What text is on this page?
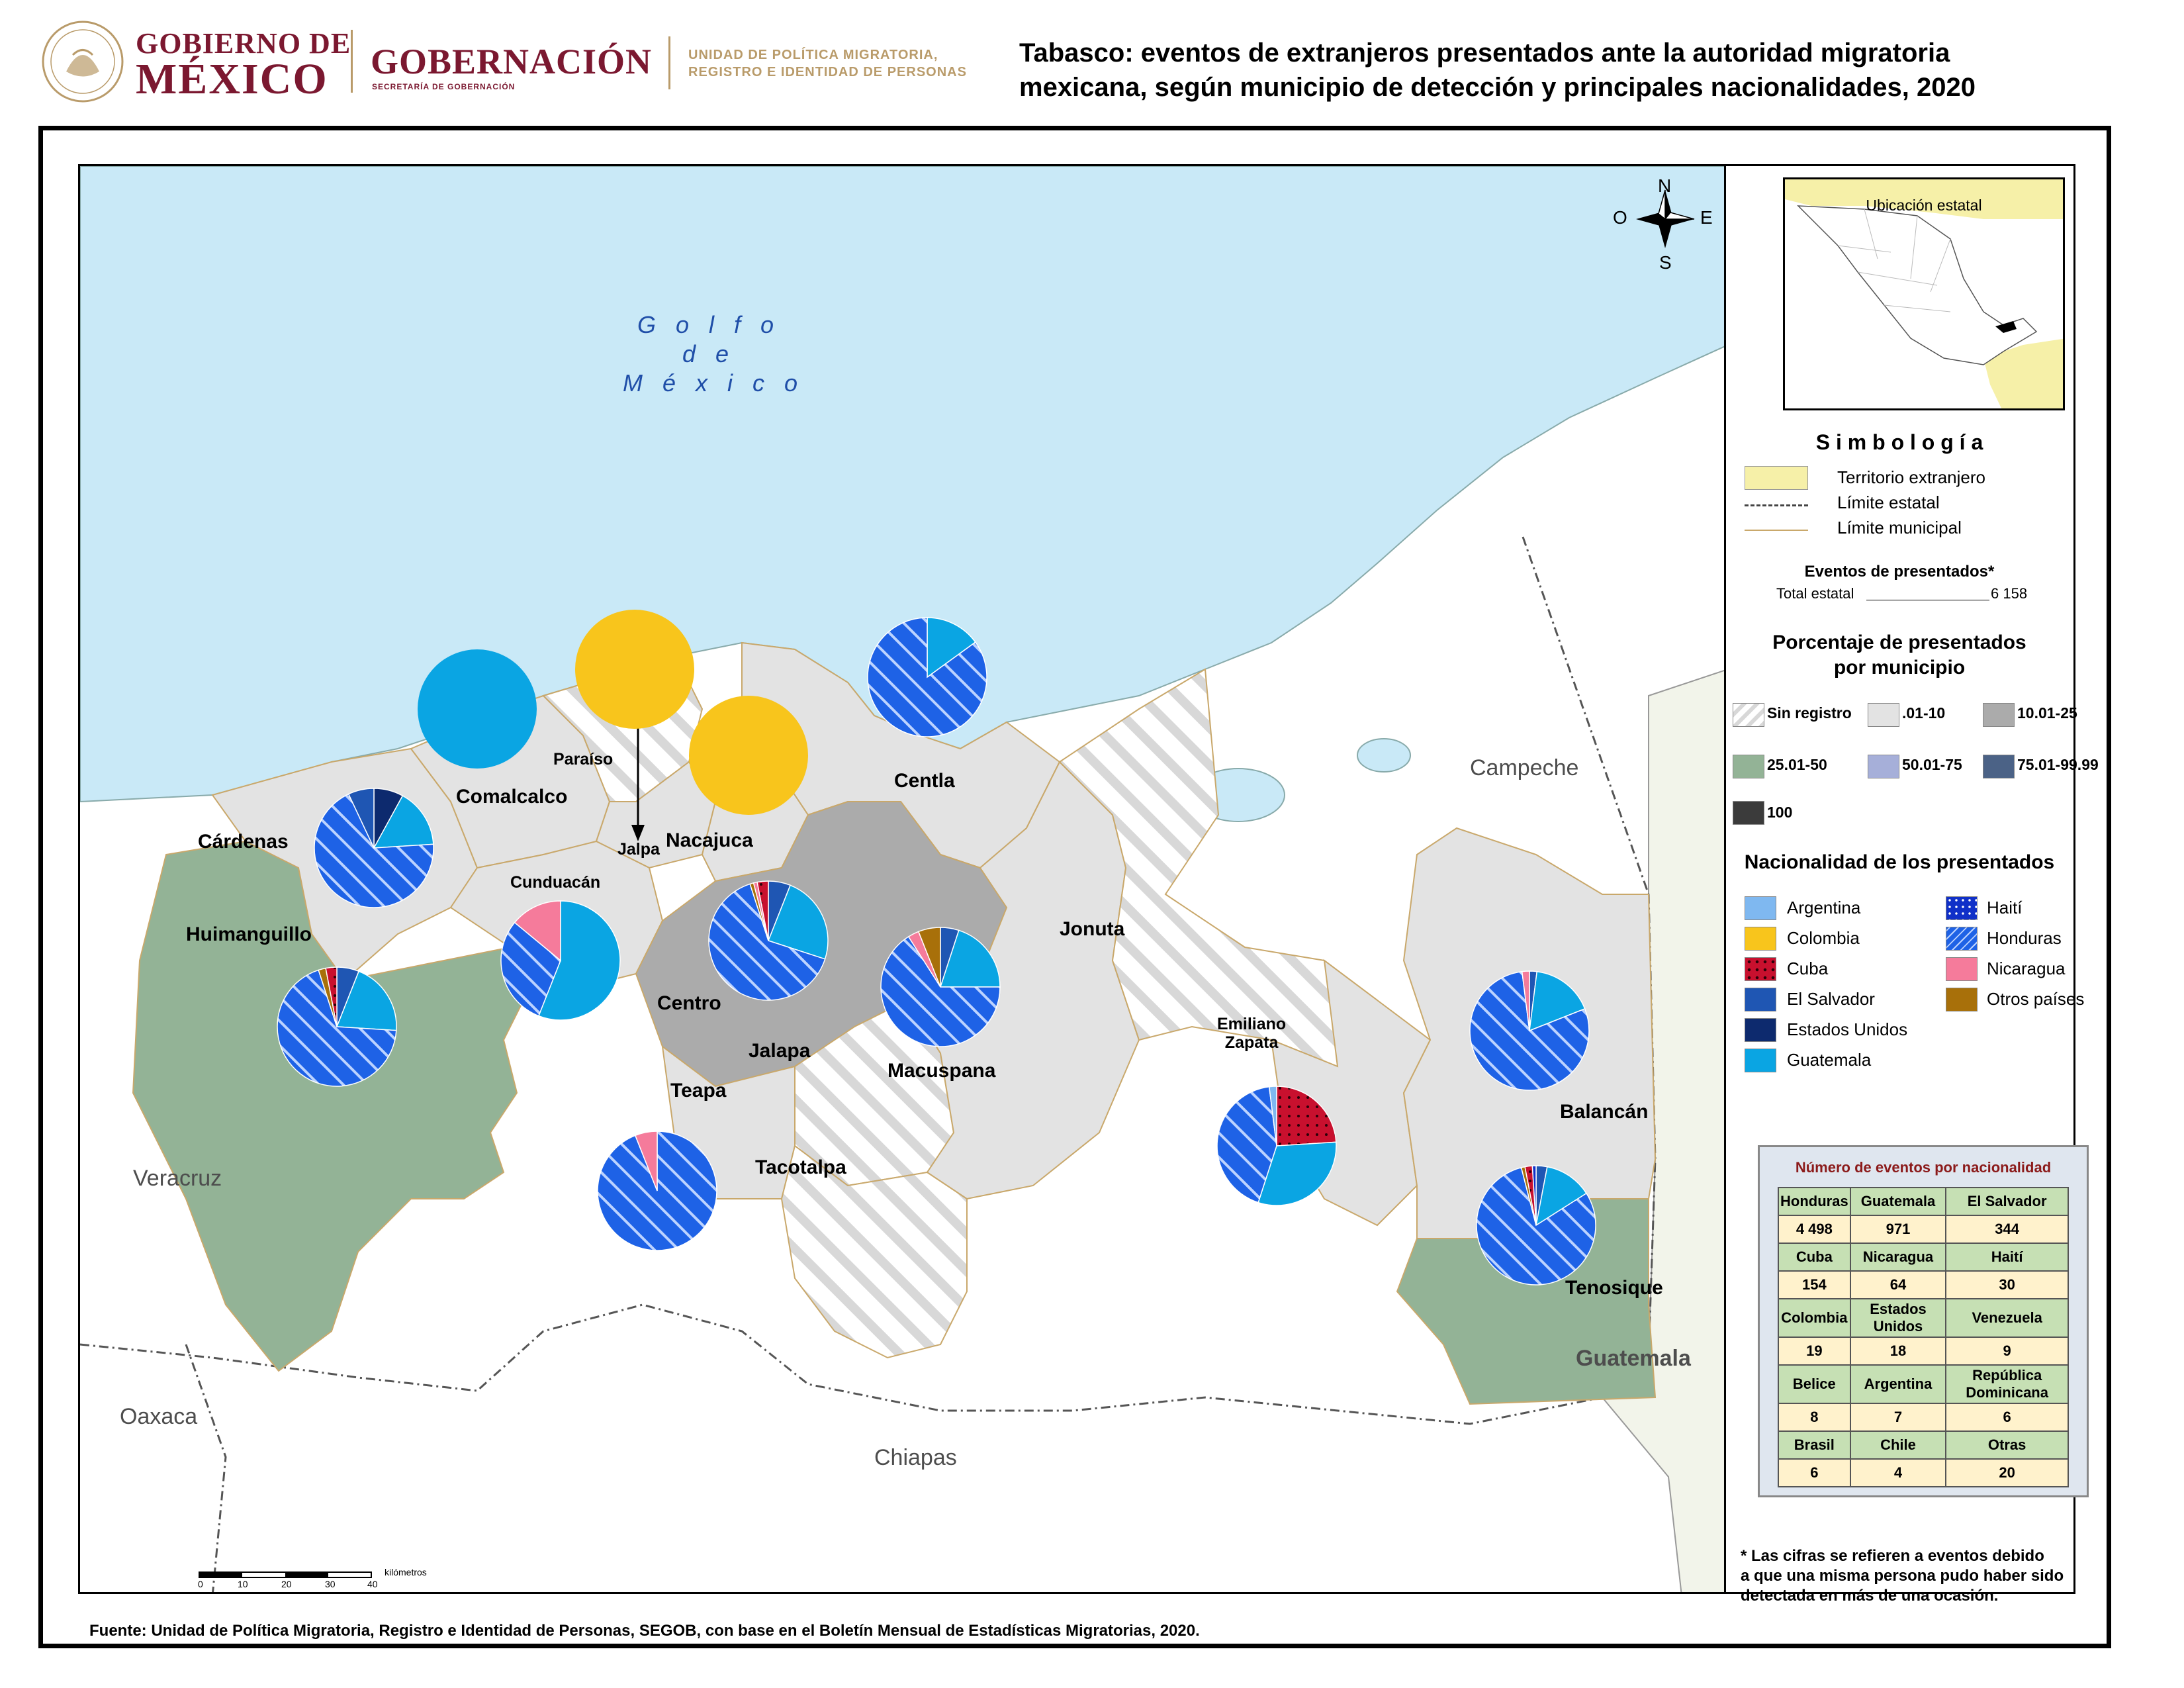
GOBIERNO DE
MÉXICO GOBERNACIÓN
SECRETARÍA DE GOBERNACIÓN
UNIDAD DE POLÍTICA MIGRATORIA,
REGISTRO E IDENTIDAD DE PERSONAS
Tabasco: eventos de extranjeros presentados ante la autoridad migratoria
mexicana, según municipio de detección y principales nacionalidades, 2020
G o l f o
d e
M é x i c o
N
S
E
O
Campeche
Veracruz
Oaxaca
Chiapas
Guatemala
Paraíso
Comalcalco
Cárdenas
Huimanguillo
Cunduacán
Jalpa Nacajuca
Centla
Centro
Jalapa
Teapa
Tacotalpa
Macuspana
Jonuta
Emiliano
Zapata
Balancán
Tenosique
0	10	20	30	40
kilómetros
Ubicación estatal
S i m b o l o g í a
Territorio extranjero
Límite estatal
Límite municipal
Eventos de presentados*
Total estatal	6 158
Porcentaje de presentados
por municipio
Sin registro	.01-10	10.01-25
25.01-50	50.01-75	75.01-99.99
100
Nacionalidad de los presentados
Argentina
Colombia
Cuba
El Salvador
Estados Unidos
Guatemala
Haití
Honduras
Nicaragua
Otros países
Número de eventos por nacionalidad
Honduras	Guatemala	El Salvador
4 498	971	344
Cuba	Nicaragua	Haití
154	64	30
Colombia	Estados Unidos	Venezuela
19	18	9
Belice	Argentina	República Dominicana
8	7	6
Brasil	Chile	Otras
6	4	20
* Las cifras se refieren a eventos debido
a que una misma persona pudo haber sido
detectada en más de una ocasión.
Fuente: Unidad de Política Migratoria, Registro e Identidad de Personas, SEGOB, con base en el Boletín Mensual de Estadísticas Migratorias, 2020.
